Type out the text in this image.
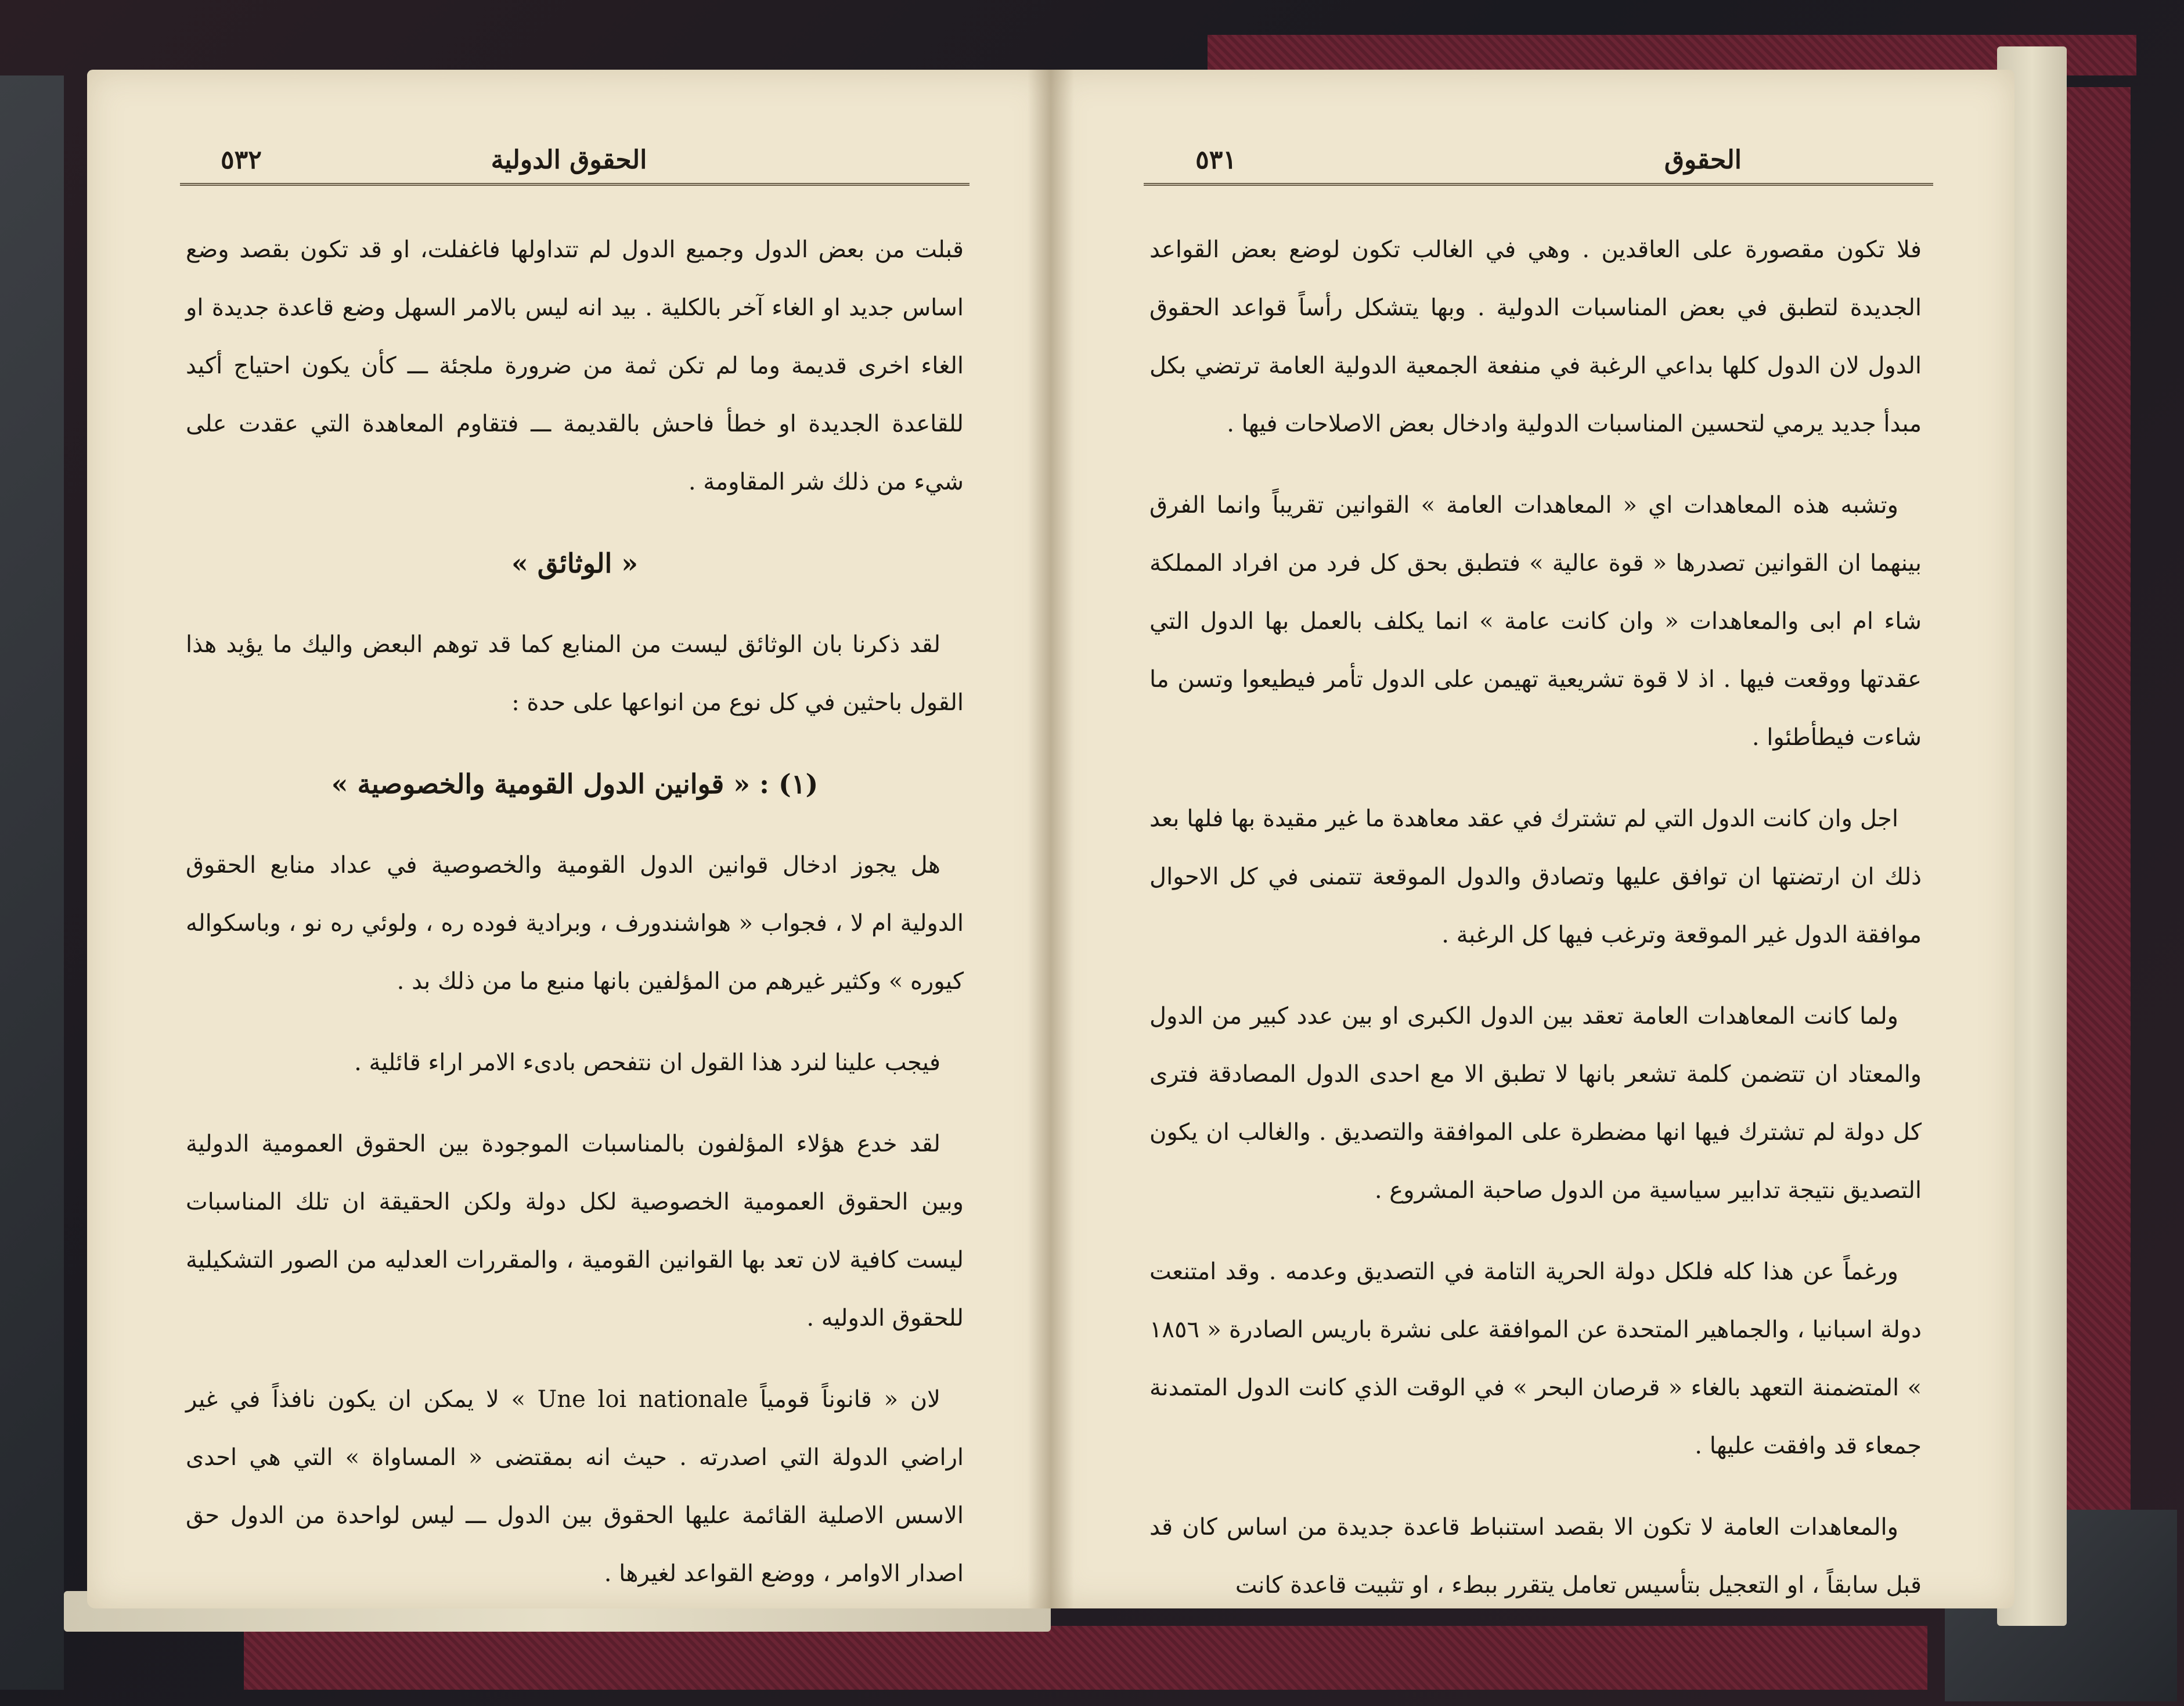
الحقوق الدولية
٥٣٢

قبلت من بعض الدول وجميع الدول لم تتداولها فاغفلت، او قد تكون بقصد وضع اساس جديد او الغاء آخر بالكلية . بيد انه ليس بالامر السهل وضع قاعدة جديدة او الغاء اخرى قديمة وما لم تكن ثمة من ضرورة ملجئة ـــ كأن يكون احتياج أكيد للقاعدة الجديدة او خطأ فاحش بالقديمة ـــ فتقاوم المعاهدة التي عقدت على شيء من ذلك شر المقاومة .

« الوثائق »

لقد ذكرنا بان الوثائق ليست من المنابع كما قد توهم البعض واليك ما يؤيد هذا القول باحثين في كل نوع من انواعها على حدة :

(١) : « قوانين الدول القومية والخصوصية »

هل يجوز ادخال قوانين الدول القومية والخصوصية في عداد منابع الحقوق الدولية ام لا ، فجواب « هواشندورف ، وبرادية فوده ره ، ولوئي ره نو ، وباسكواله كيوره » وكثير غيرهم من المؤلفين بانها منبع ما من ذلك بد .

فيجب علينا لنرد هذا القول ان نتفحص بادىء الامر اراء قائلية .

لقد خدع هؤلاء المؤلفون بالمناسبات الموجودة بين الحقوق العمومية الدولية وبين الحقوق العمومية الخصوصية لكل دولة ولكن الحقيقة ان تلك المناسبات ليست كافية لان تعد بها القوانين القومية ، والمقررات العدليه من الصور التشكيلية للحقوق الدوليه .

لان « قانوناً قومياً Une loi nationale » لا يمكن ان يكون نافذاً في غير اراضي الدولة التي اصدرته . حيث انه بمقتضى « المساواة » التي هي احدى الاسس الاصلية القائمة عليها الحقوق بين الدول ـــ ليس لواحدة من الدول حق اصدار الاوامر ، ووضع القواعد لغيرها .

الحقوق
٥٣١

فلا تكون مقصورة على العاقدين . وهي في الغالب تكون لوضع بعض القواعد الجديدة لتطبق في بعض المناسبات الدولية . وبها يتشكل رأساً قواعد الحقوق الدول لان الدول كلها بداعي الرغبة في منفعة الجمعية الدولية العامة ترتضي بكل مبدأ جديد يرمي لتحسين المناسبات الدولية وادخال بعض الاصلاحات فيها .

وتشبه هذه المعاهدات اي « المعاهدات العامة » القوانين تقريباً وانما الفرق بينهما ان القوانين تصدرها « قوة عالية » فتطبق بحق كل فرد من افراد المملكة شاء ام ابى والمعاهدات « وان كانت عامة » انما يكلف بالعمل بها الدول التي عقدتها ووقعت فيها . اذ لا قوة تشريعية تهيمن على الدول تأمر فيطيعوا وتسن ما شاءت فيطأطئوا .

اجل وان كانت الدول التي لم تشترك في عقد معاهدة ما غير مقيدة بها فلها بعد ذلك ان ارتضتها ان توافق عليها وتصادق والدول الموقعة تتمنى في كل الاحوال موافقة الدول غير الموقعة وترغب فيها كل الرغبة .

ولما كانت المعاهدات العامة تعقد بين الدول الكبرى او بين عدد كبير من الدول والمعتاد ان تتضمن كلمة تشعر بانها لا تطبق الا مع احدى الدول المصادقة فترى كل دولة لم تشترك فيها انها مضطرة على الموافقة والتصديق . والغالب ان يكون التصديق نتيجة تدابير سياسية من الدول صاحبة المشروع .

ورغماً عن هذا كله فلكل دولة الحرية التامة في التصديق وعدمه . وقد امتنعت دولة اسبانيا ، والجماهير المتحدة عن الموافقة على نشرة باريس الصادرة « ١٨٥٦ » المتضمنة التعهد بالغاء « قرصان البحر » في الوقت الذي كانت الدول المتمدنة جمعاء قد وافقت عليها .

والمعاهدات العامة لا تكون الا بقصد استنباط قاعدة جديدة من اساس كان قد قبل سابقاً ، او التعجيل بتأسيس تعامل يتقرر ببطء ، او تثبيت قاعدة كانت
